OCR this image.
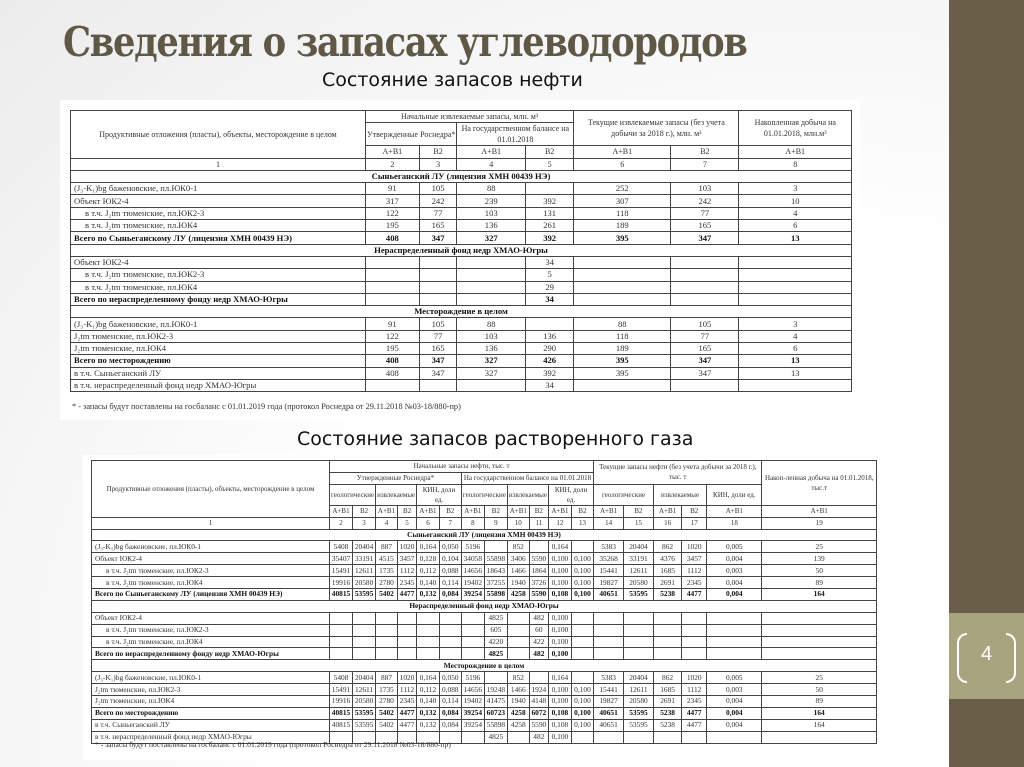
4
Сведения о запасах углеводородов
Состояние запасов нефти
Состояние запасов растворенного газа
Продуктивные отложения (пласты), объекты, месторождение в целом	Начальные извлекаемые запасы, млн. м³				Текущие извлекаемые запасы (без учета добычи за 2018 г.), млн. м³		Накопленная добыча на 01.01.2018, млн.м³
	Утвержденные Роснедра*		На государственном балансе на 01.01.2018				
	А+В1	В2	А+В1	В2	А+В1	В2	А+В1
1	2	3	4	5	6	7	8
Сыньеганский ЛУ (лицензия ХМН 00439 НЭ)							
(J₃-K₁)bg баженовские, пл.ЮК0-1	91	105	88		252	103	3
Объект ЮК2-4	317	242	239	392	307	242	10
в т.ч. J₂tm тюменские, пл.ЮК2-3	122	77	103	131	118	77	4
в т.ч. J₂tm тюменские, пл.ЮК4	195	165	136	261	189	165	6
Всего по Сыньеганскому ЛУ (лицензия ХМН 00439 НЭ)	408	347	327	392	395	347	13
Нераспределенный фонд недр ХМАО-Югры							
Объект ЮК2-4				34			
в т.ч. J₂tm тюменские, пл.ЮК2-3				5			
в т.ч. J₂tm тюменские, пл.ЮК4				29			
Всего по нераспределенному фонду недр ХМАО-Югры				34			
Месторождение в целом							
(J₃-K₁)bg баженовские, пл.ЮК0-1	91	105	88		88	105	3
J₂tm тюменские, пл.ЮК2-3	122	77	103	136	118	77	4
J₂tm тюменские, пл.ЮК4	195	165	136	290	189	165	6
Всего по месторождению	408	347	327	426	395	347	13
в т.ч. Сыньеганский ЛУ	408	347	327	392	395	347	13
в т.ч. нераспределенный фонд недр ХМАО-Югры				34			
* - запасы будут поставлены на госбаланс с 01.01.2019 года (протокол Роснедра от 29.11.2018 №03-18/880-пр)
Продуктивные отложения (пласты), объекты, месторождение в целом	Начальные запасы нефти, тыс. т												Текущие запасы нефти (без учета добычи за 2018 г.), тыс. т					Накоп-ленная добыча на 01.01.2018, тыс.т
	Утвержденные Роснедра*						На государственном балансе на 01.01.2018											
	геологические		извлекаемые		КИН, доли ед.		геологические		извлекаемые		КИН, доли ед.		геологические		извлекаемые		КИН, доли ед.	
	А+В1	В2	А+В1	В2	А+В1	В2	А+В1	В2	А+В1	В2	А+В1	В2	А+В1	В2	А+В1	В2	А+В1	А+В1
1	2	3	4	5	6	7	8	9	10	11	12	13	14	15	16	17	18	19
Сыньеганский ЛУ (лицензия ХМН 00439 НЭ)																		
(J₃-K₁)bg баженовские, пл.ЮК0-1	5408	20404	887	1020	0,164	0,050	5196		852		0,164		5383	20404	862	1020	0,005	25
Объект ЮК2-4	35407	33191	4515	3457	0,128	0,104	34058	55898	3406	5590	0,100	0,100	35268	33191	4376	3457	0,004	139
в т.ч. J₂tm тюменские, пл.ЮК2-3	15491	12611	1735	1112	0,112	0,088	14656	18643	1466	1864	0,100	0,100	15441	12611	1685	1112	0,003	50
в т.ч. J₂tm тюменские, пл.ЮК4	19916	20580	2780	2345	0,140	0,114	19402	37255	1940	3726	0,100	0,100	19827	20580	2691	2345	0,004	89
Всего по Сыньеганскому ЛУ (лицензия ХМН 00439 НЭ)	40815	53595	5402	4477	0,132	0,084	39254	55898	4258	5590	0,108	0,100	40651	53595	5238	4477	0,004	164
Нераспределенный фонд недр ХМАО-Югры																		
Объект ЮК2-4								4825		482	0,100							
в т.ч. J₂tm тюменские, пл.ЮК2-3								605		60	0,100							
в т.ч. J₂tm тюменские, пл.ЮК4								4220		422	0,100							
Всего по нераспределенному фонду недр ХМАО-Югры								4825		482	0,100							
Месторождение в целом																		
(J₃-K₁)bg баженовские, пл.ЮК0-1	5408	20404	887	1020	0,164	0,050	5196		852		0,164		5383	20404	862	1020	0,005	25
J₂tm тюменские, пл.ЮК2-3	15491	12611	1735	1112	0,112	0,088	14656	19248	1466	1924	0,100	0,100	15441	12611	1685	1112	0,003	50
J₂tm тюменские, пл.ЮК4	19916	20580	2780	2345	0,140	0,114	19402	41475	1940	4148	0,100	0,100	19827	20580	2691	2345	0,004	89
Всего по месторождению	40815	53595	5402	4477	0,132	0,084	39254	60723	4258	6072	0,108	0,100	40651	53595	5238	4477	0,004	164
в т.ч. Сыньеганский ЛУ	40815	53595	5402	4477	0,132	0,084	39254	55898	4258	5590	0,108	0,100	40651	53595	5238	4477	0,004	164
в т.ч. нераспределенный фонд недр ХМАО-Югры								4825		482	0,100							
* - запасы будут поставлены на госбаланс с 01.01.2019 года (протокол Роснедра от 29.11.2018 №03-18/880-пр)
